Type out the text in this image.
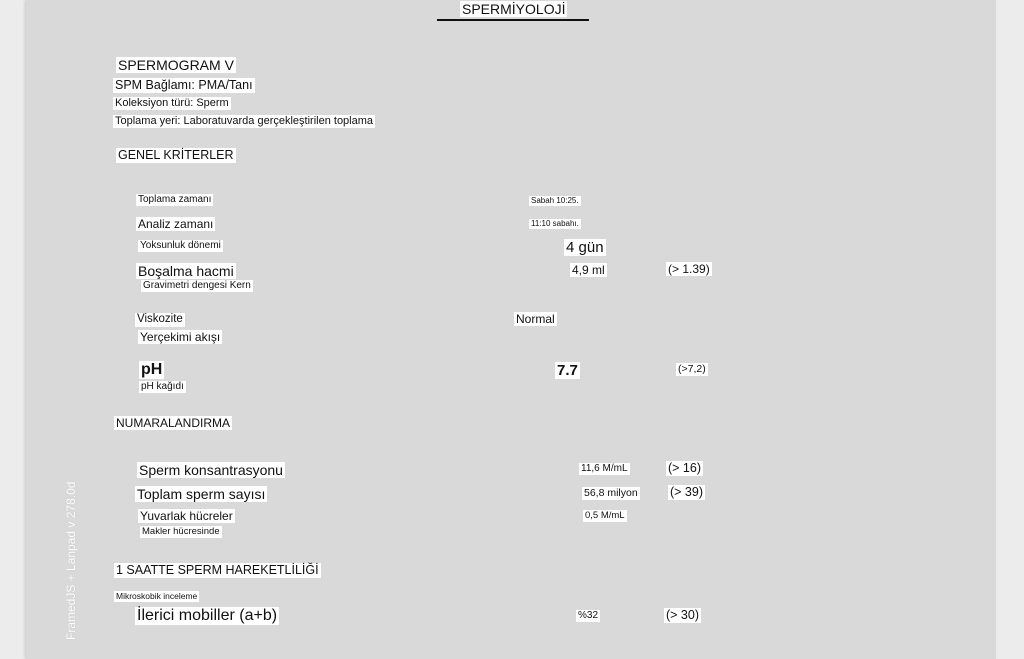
SPERMİYOLOJİ
SPERMOGRAM V
SPM Bağlamı: PMA/Tanı
Koleksiyon türü: Sperm
Toplama yeri: Laboratuvarda gerçekleştirilen toplama
GENEL KRİTERLER
Toplama zamanı	Sabah 10:25.
Analiz zamanı	11:10 sabahı.
Yoksunluk dönemi	4 gün
Boşalma hacmi	4,9 ml	(> 1.39)
Gravimetri dengesi Kern
Viskozite	Normal
Yerçekimi akışı
pH	7.7	(>7,2)
pH kağıdı
NUMARALANDIRMA
Sperm konsantrasyonu	11,6 M/mL	(> 16)
Toplam sperm sayısı	56,8 milyon	(> 39)
Yuvarlak hücreler	0,5 M/mL
Makler hücresinde
1 SAATTE SPERM HAREKETLİLİĞİ
Mikroskobik inceleme
İlerici mobiller (a+b)	%32	(> 30)
FramedJS + Lanpad v 278.0d
